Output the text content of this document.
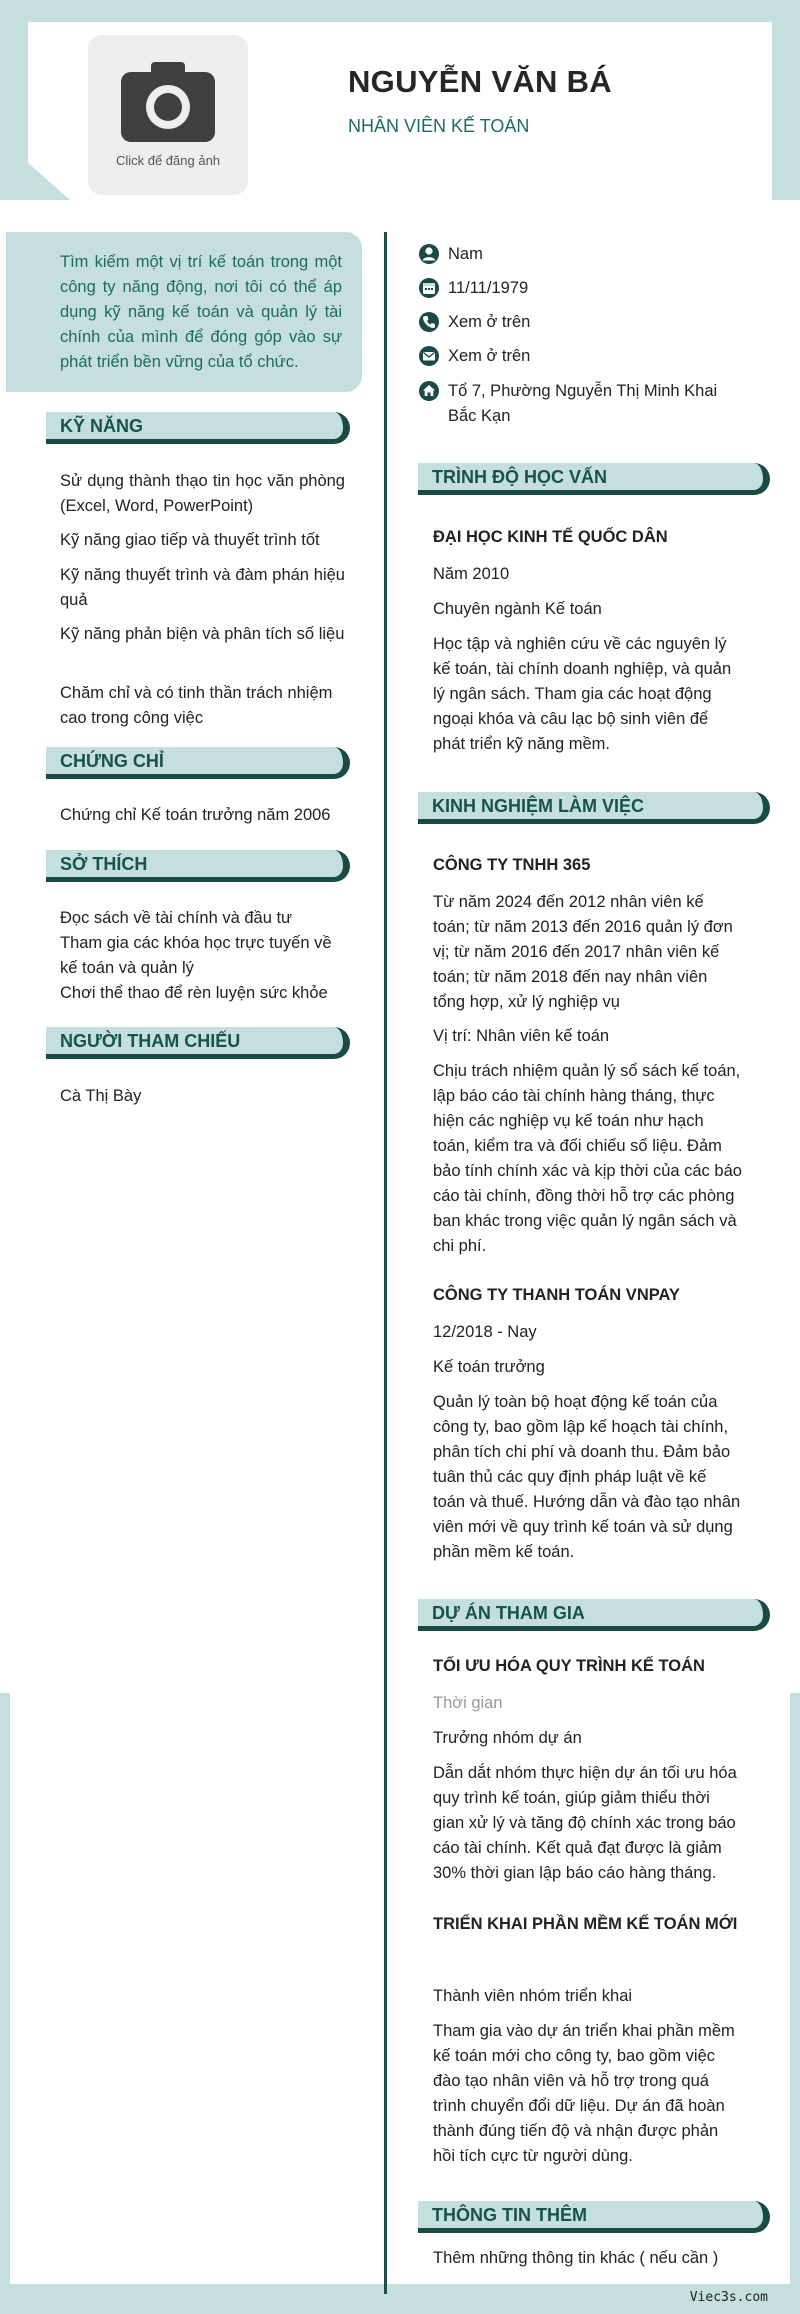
Click để đăng ảnh
NGUYỄN VĂN BÁ
NHÂN VIÊN KẾ TOÁN
Tìm kiếm một vị trí kế toán trong một công ty năng động, nơi tôi có thể áp dụng kỹ năng kế toán và quản lý tài chính của mình để đóng góp vào sự phát triển bền vững của tổ chức.
KỸ NĂNG
Sử dụng thành thạo tin học văn phòng (Excel, Word, PowerPoint)
Kỹ năng giao tiếp và thuyết trình tốt
Kỹ năng thuyết trình và đàm phán hiệu quả
Kỹ năng phản biện và phân tích số liệu
Chăm chỉ và có tinh thần trách nhiệm cao trong công việc
CHỨNG CHỈ
Chứng chỉ Kế toán trưởng năm 2006
SỞ THÍCH
Đọc sách về tài chính và đầu tư
Tham gia các khóa học trực tuyến về kế toán và quản lý
Chơi thể thao để rèn luyện sức khỏe
NGƯỜI THAM CHIẾU
Cà Thị Bày
Nam
11/11/1979
Xem ở trên
Xem ở trên
Tổ 7, Phường Nguyễn Thị Minh Khai Bắc Kạn
TRÌNH ĐỘ HỌC VẤN
ĐẠI HỌC KINH TẾ QUỐC DÂN
Năm 2010
Chuyên ngành Kế toán
Học tập và nghiên cứu về các nguyên lý kế toán, tài chính doanh nghiệp, và quản lý ngân sách. Tham gia các hoạt động ngoại khóa và câu lạc bộ sinh viên để phát triển kỹ năng mềm.
KINH NGHIỆM LÀM VIỆC
CÔNG TY TNHH 365
Từ năm 2024 đến 2012 nhân viên kế toán; từ năm 2013 đến 2016 quản lý đơn vị; từ năm 2016 đến 2017 nhân viên kế toán; từ năm 2018 đến nay nhân viên tổng hợp, xử lý nghiệp vụ
Vị trí: Nhân viên kế toán
Chịu trách nhiệm quản lý sổ sách kế toán, lập báo cáo tài chính hàng tháng, thực hiện các nghiệp vụ kế toán như hạch toán, kiểm tra và đối chiếu số liệu. Đảm bảo tính chính xác và kịp thời của các báo cáo tài chính, đồng thời hỗ trợ các phòng ban khác trong việc quản lý ngân sách và chi phí.
CÔNG TY THANH TOÁN VNPAY
12/2018 - Nay
Kế toán trưởng
Quản lý toàn bộ hoạt động kế toán của công ty, bao gồm lập kế hoạch tài chính, phân tích chi phí và doanh thu. Đảm bảo tuân thủ các quy định pháp luật về kế toán và thuế. Hướng dẫn và đào tạo nhân viên mới về quy trình kế toán và sử dụng phần mềm kế toán.
DỰ ÁN THAM GIA
TỐI ƯU HÓA QUY TRÌNH KẾ TOÁN
Thời gian
Trưởng nhóm dự án
Dẫn dắt nhóm thực hiện dự án tối ưu hóa quy trình kế toán, giúp giảm thiểu thời gian xử lý và tăng độ chính xác trong báo cáo tài chính. Kết quả đạt được là giảm 30% thời gian lập báo cáo hàng tháng.
TRIỂN KHAI PHẦN MỀM KẾ TOÁN MỚI
Thành viên nhóm triển khai
Tham gia vào dự án triển khai phần mềm kế toán mới cho công ty, bao gồm việc đào tạo nhân viên và hỗ trợ trong quá trình chuyển đổi dữ liệu. Dự án đã hoàn thành đúng tiến độ và nhận được phản hồi tích cực từ người dùng.
THÔNG TIN THÊM
Thêm những thông tin khác ( nếu cần )
Viec3s.com
